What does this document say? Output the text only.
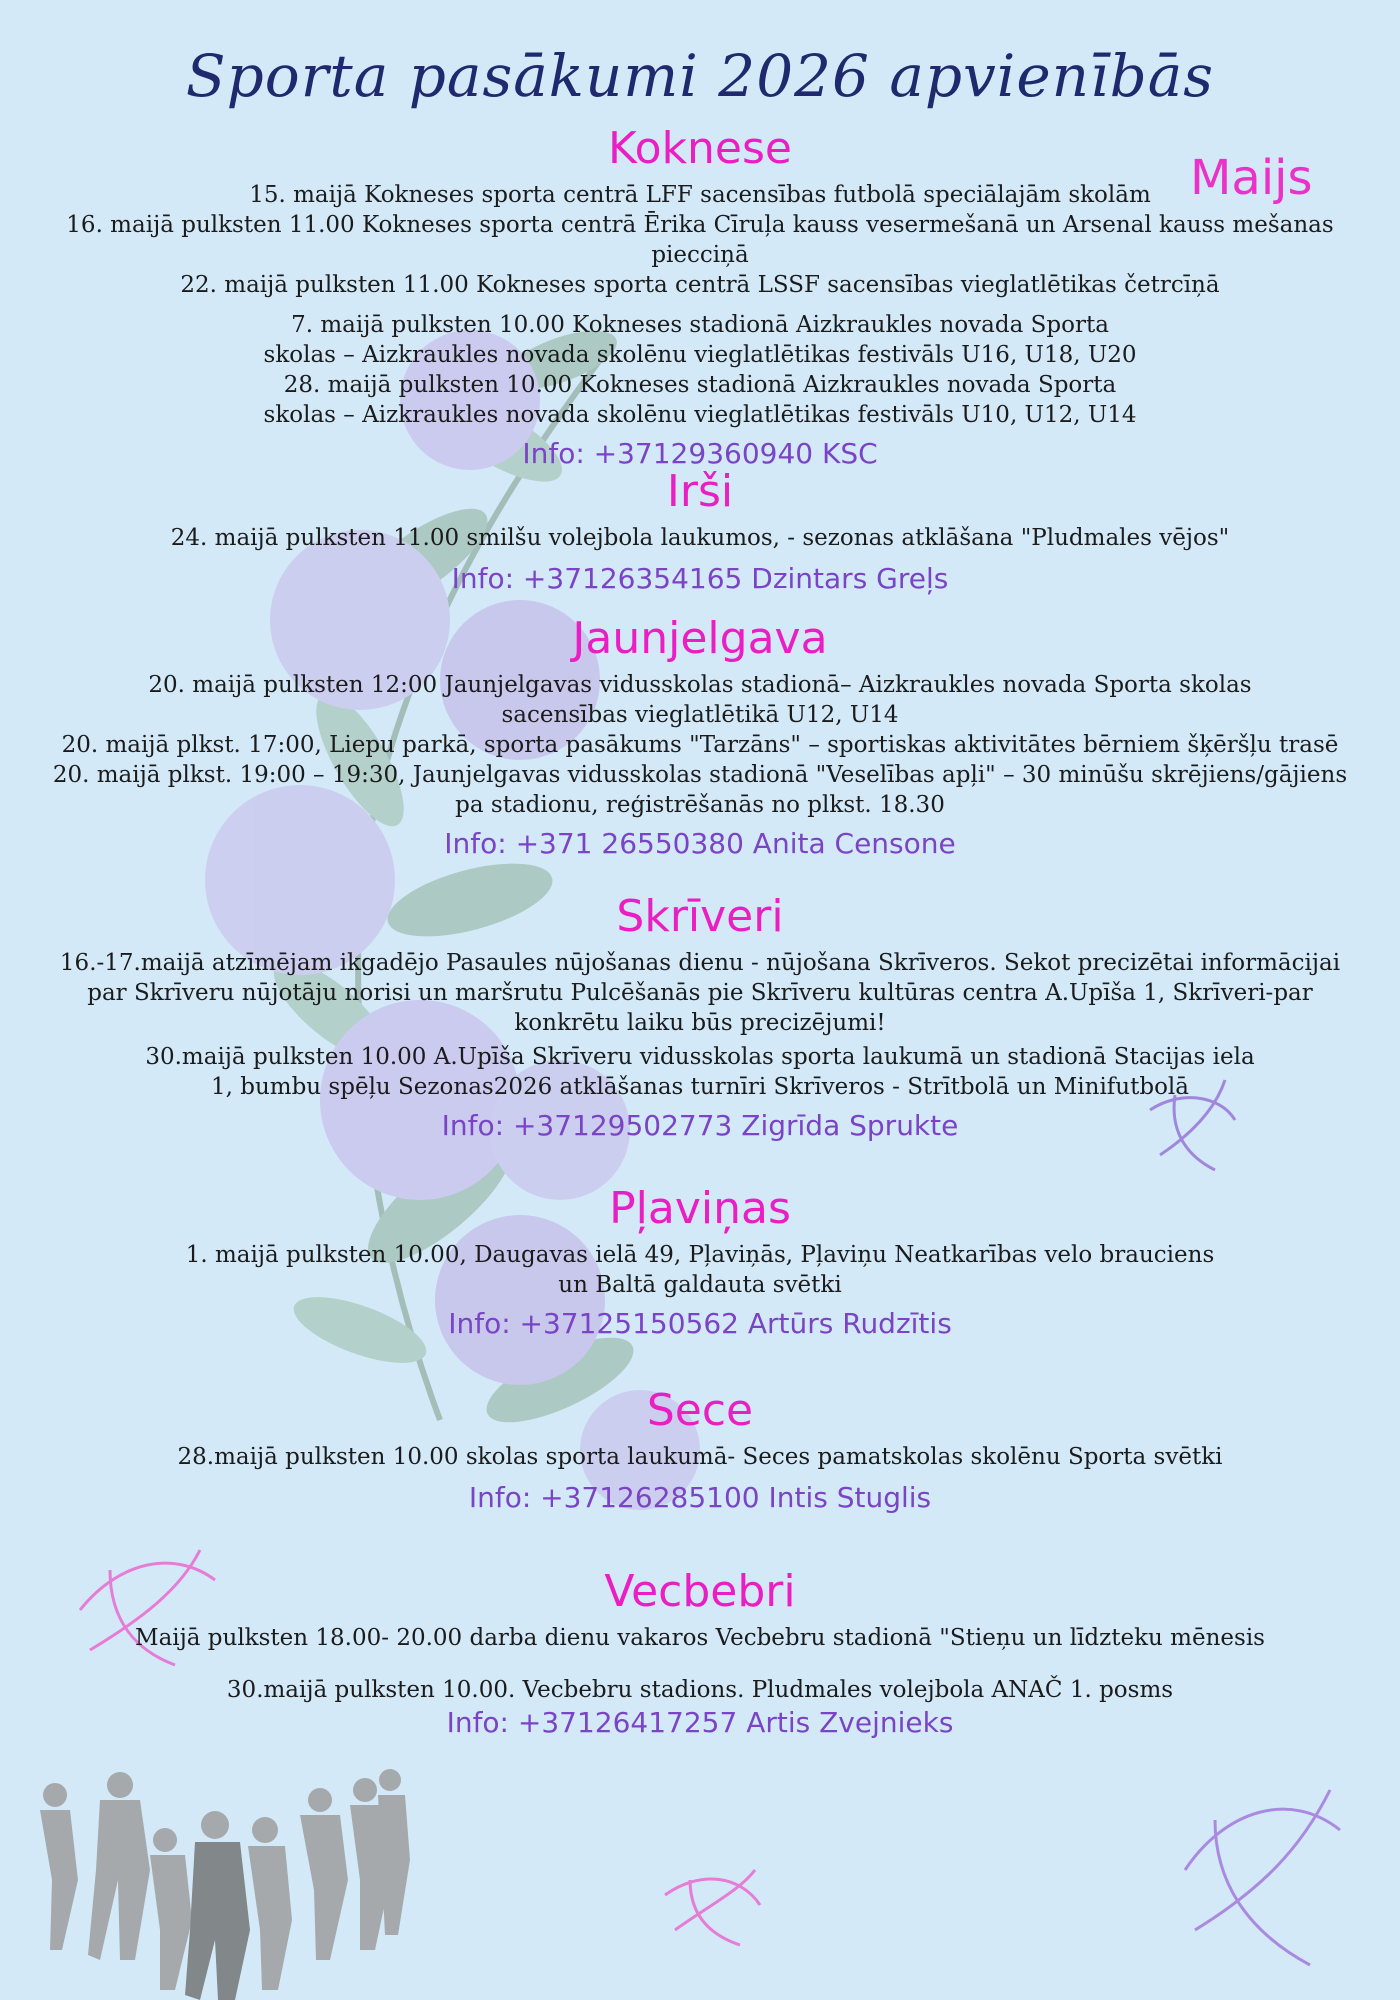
Sporta pasākumi 2026 apvienībās
Maijs
Koknese
15. maijā Kokneses sporta centrā LFF sacensības futbolā speciālajām skolām
16. maijā pulksten 11.00 Kokneses sporta centrā Ērika Cīruļa kauss vesermešanā un Arsenal kauss mešanas piecciņā
22. maijā pulksten 11.00 Kokneses sporta centrā LSSF sacensības vieglatlētikas četrcīņā
7. maijā pulksten 10.00 Kokneses stadionā Aizkraukles novada Sporta skolas – Aizkraukles novada skolēnu vieglatlētikas festivāls U16, U18, U20
28. maijā pulksten 10.00 Kokneses stadionā Aizkraukles novada Sporta skolas – Aizkraukles novada skolēnu vieglatlētikas festivāls U10, U12, U14
Info: +37129360940 KSC
Irši
24. maijā pulksten 11.00 smilšu volejbola laukumos, - sezonas atklāšana "Pludmales vējos"
Info: +37126354165 Dzintars Greļs
Jaunjelgava
20. maijā pulksten 12:00 Jaunjelgavas vidusskolas stadionā– Aizkraukles novada Sporta skolas sacensības vieglatlētikā U12, U14
20. maijā plkst. 17:00, Liepu parkā, sporta pasākums "Tarzāns" – sportiskas aktivitātes bērniem šķēršļu trasē
20. maijā plkst. 19:00 – 19:30, Jaunjelgavas vidusskolas stadionā "Veselības apļi" – 30 minūšu skrējiens/gājiens pa stadionu, reģistrēšanās no plkst. 18.30
Info: +371 26550380 Anita Censone
Skrīveri
16.-17.maijā atzīmējam ikgadējo Pasaules nūjošanas dienu - nūjošana Skrīveros. Sekot precizētai informācijai par Skrīveru nūjotāju norisi un maršrutu Pulcēšanās pie Skrīveru kultūras centra A.Upīša 1, Skrīveri-par konkrētu laiku būs precizējumi!
30.maijā pulksten 10.00 A.Upīša Skrīveru vidusskolas sporta laukumā un stadionā Stacijas iela 1, bumbu spēļu Sezonas2026 atklāšanas turnīri Skrīveros - Strītbolā un Minifutbolā
Info: +37129502773 Zigrīda Sprukte
Pļaviņas
1. maijā pulksten 10.00, Daugavas ielā 49, Pļaviņās, Pļaviņu Neatkarības velo brauciens un Baltā galdauta svētki
Info: +37125150562 Artūrs Rudzītis
Sece
28.maijā pulksten 10.00 skolas sporta laukumā- Seces pamatskolas skolēnu Sporta svētki
Info: +37126285100 Intis Stuglis
Vecbebri
Maijā pulksten 18.00- 20.00 darba dienu vakaros Vecbebru stadionā "Stieņu un līdzteku mēnesis
30.maijā pulksten 10.00. Vecbebru stadions. Pludmales volejbola ANAČ 1. posms
Info: +37126417257 Artis Zvejnieks
